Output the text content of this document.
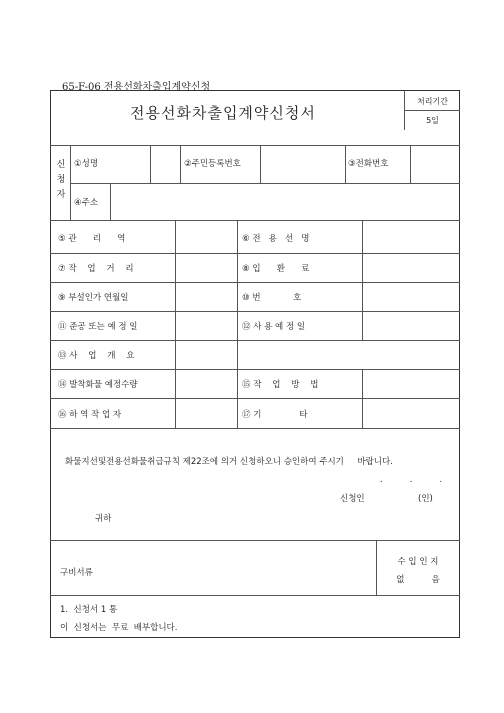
65-F-06 전용선화차출입계약신청
전용선화차출입계약신청서
처리기간
5일
신 청 자
①성명	②주민등록번호	③전화번호
④주소
⑤ 관      리      역	⑥ 전   용   선   명
⑦ 작    업    거    리	⑧ 입      환      료
⑨ 부설인가 연월일	⑩ 번            호
⑪ 준공 또는 예 정 일	⑫ 사 용 예 정 일
⑬ 사    업    개    요
⑭ 발착화물 예정수량	⑮ 작    업    방    법
⑯ 하 역 작 업 자	⑰ 기              타
화물지선및전용선화물취급규칙 제22조에 의거 신청하오니 승인하여 주시기     바랍니다.
.          .          .
신청인	(인)
귀하
구비서류
수 입 인 지
없          음
1.  신청서 1 통
이  신청서는  무료  배부합니다.
